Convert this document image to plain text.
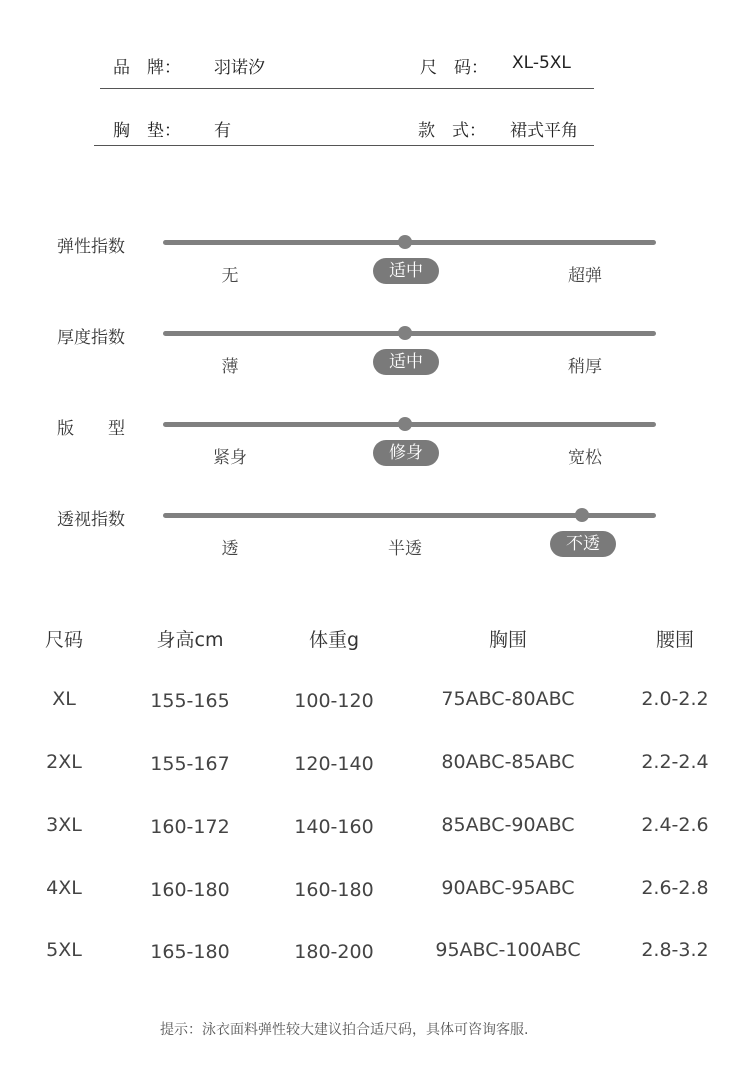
品　牌： 羽诺汐	尺　码： XL-5XL
胸　垫： 有	款　式： 裙式平角
弹性指数
无	适中	超弹
厚度指数
薄	适中	稍厚
版　　型
紧身	修身	宽松
透视指数
透	半透	不透
尺码	身高cm	体重g	胸围	腰围
XL	155-165	100-120	75ABC-80ABC	2.0-2.2
2XL	155-167	120-140	80ABC-85ABC	2.2-2.4
3XL	160-172	140-160	85ABC-90ABC	2.4-2.6
4XL	160-180	160-180	90ABC-95ABC	2.6-2.8
5XL	165-180	180-200	95ABC-100ABC	2.8-3.2
提示：泳衣面料弹性较大建议拍合适尺码，具体可咨询客服.
